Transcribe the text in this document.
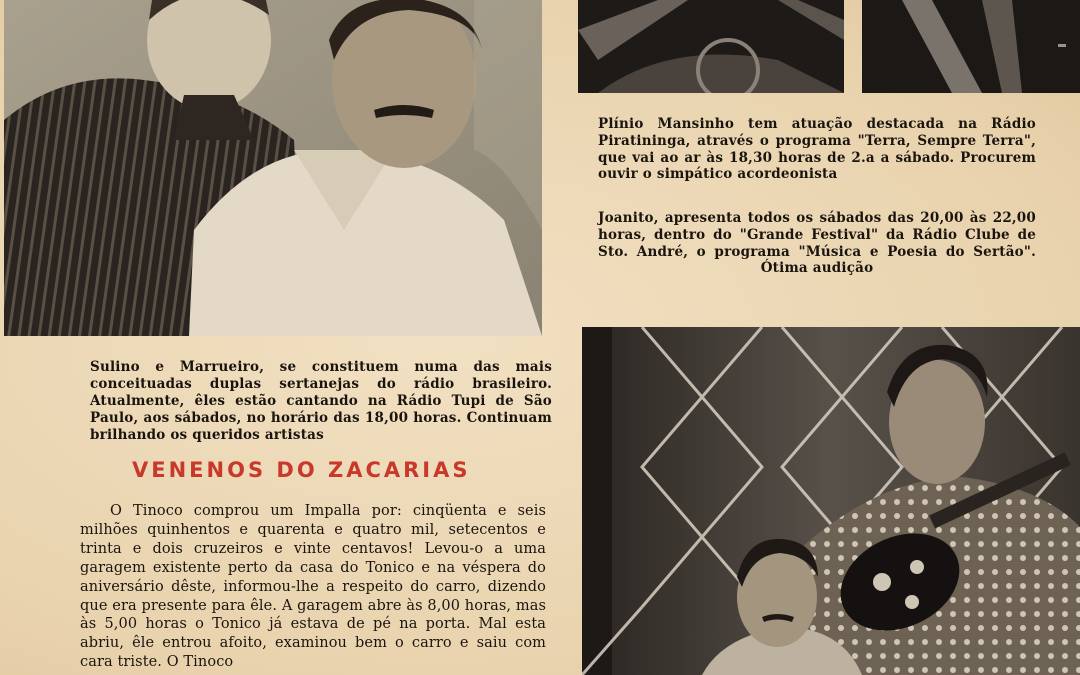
Plínio Mansinho tem atuação destacada na Rádio Piratininga, através o programa "Terra, Sempre Terra", que vai ao ar às 18,30 horas de 2.a a sábado. Procurem ouvir o simpático acordeonista

Joanito, apresenta todos os sábados das 20,00 às 22,00 horas, dentro do "Grande Festival" da Rádio Clube de Sto. André, o programa "Música e Poesia do Sertão". Ótima audição

Sulino e Marrueiro, se constituem numa das mais conceituadas duplas sertanejas do rádio brasileiro. Atualmente, êles estão cantando na Rádio Tupi de São Paulo, aos sábados, no horário das 18,00 horas. Continuam brilhando os queridos artistas

VENENOS DO ZACARIAS

O Tinoco comprou um Impalla por: cinqüenta e seis milhões quinhentos e quarenta e quatro mil, setecentos e trinta e dois cruzeiros e vinte centavos! Levou-o a uma garagem existente perto da casa do Tonico e na véspera do aniversário dêste, informou-lhe a respeito do carro, dizendo que era presente para êle. A garagem abre às 8,00 horas, mas às 5,00 horas o Tonico já estava de pé na porta. Mal esta abriu, êle entrou afoito, examinou bem o carro e saiu com cara triste. O Tinoco
